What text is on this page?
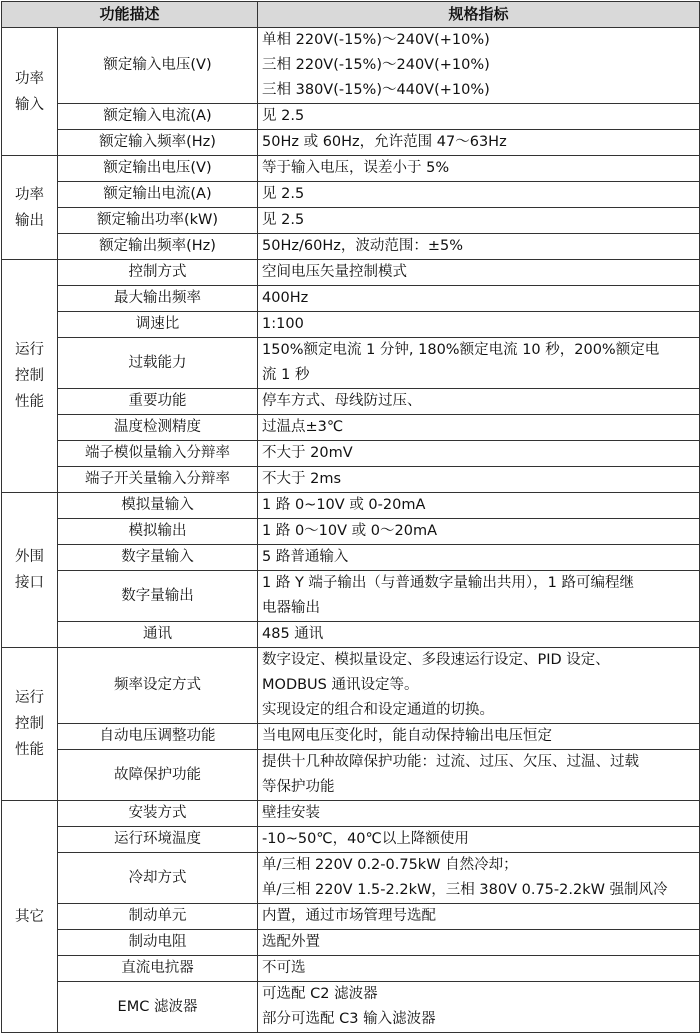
功能描述		规格指标
功率输入	额定输入电压(V)	单相 220V(-15%)～240V(+10%)
三相 220V(-15%)～240V(+10%)
三相 380V(-15%)～440V(+10%)

	额定输入电流(A)	见 2.5

	额定输入频率(Hz)	50Hz 或 60Hz，允许范围 47～63Hz

功率输出	额定输出电压(V)	等于输入电压，误差小于 5%

	额定输出电流(A)	见 2.5

	额定输出功率(kW)	见 2.5

	额定输出频率(Hz)	50Hz/60Hz，波动范围：±5%

运行控制性能	控制方式	空间电压矢量控制模式

	最大输出频率	400Hz

	调速比	1:100

	过载能力	150%额定电流 1 分钟, 180%额定电流 10 秒，200%额定电
流 1 秒

	重要功能	停车方式、母线防过压、

	温度检测精度	过温点±3℃

	端子模似量输入分辩率	不大于 20mV

	端子开关量输入分辩率	不大于 2ms

外围接口	模拟量输入	1 路 0~10V 或 0-20mA

	模拟输出	1 路 0～10V 或 0～20mA

	数字量输入	5 路普通输入

	数字量输出	1 路 Y 端子输出（与普通数字量输出共用），1 路可编程继
电器输出

	通讯	485 通讯

运行控制性能	频率设定方式	数字设定、模拟量设定、多段速运行设定、PID 设定、
MODBUS 通讯设定等。
实现设定的组合和设定通道的切换。

	自动电压调整功能	当电网电压变化时，能自动保持输出电压恒定

	故障保护功能	提供十几种故障保护功能：过流、过压、欠压、过温、过载
等保护功能

其它	安装方式	壁挂安装

	运行环境温度	-10~50℃，40℃以上降额使用

	冷却方式	单/三相 220V 0.2-0.75kW 自然冷却；
单/三相 220V 1.5-2.2kW，三相 380V 0.75-2.2kW 强制风冷

	制动单元	内置，通过市场管理号选配

	制动电阻	选配外置

	直流电抗器	不可选

	EMC 滤波器	可选配 C2 滤波器
部分可选配 C3 输入滤波器
